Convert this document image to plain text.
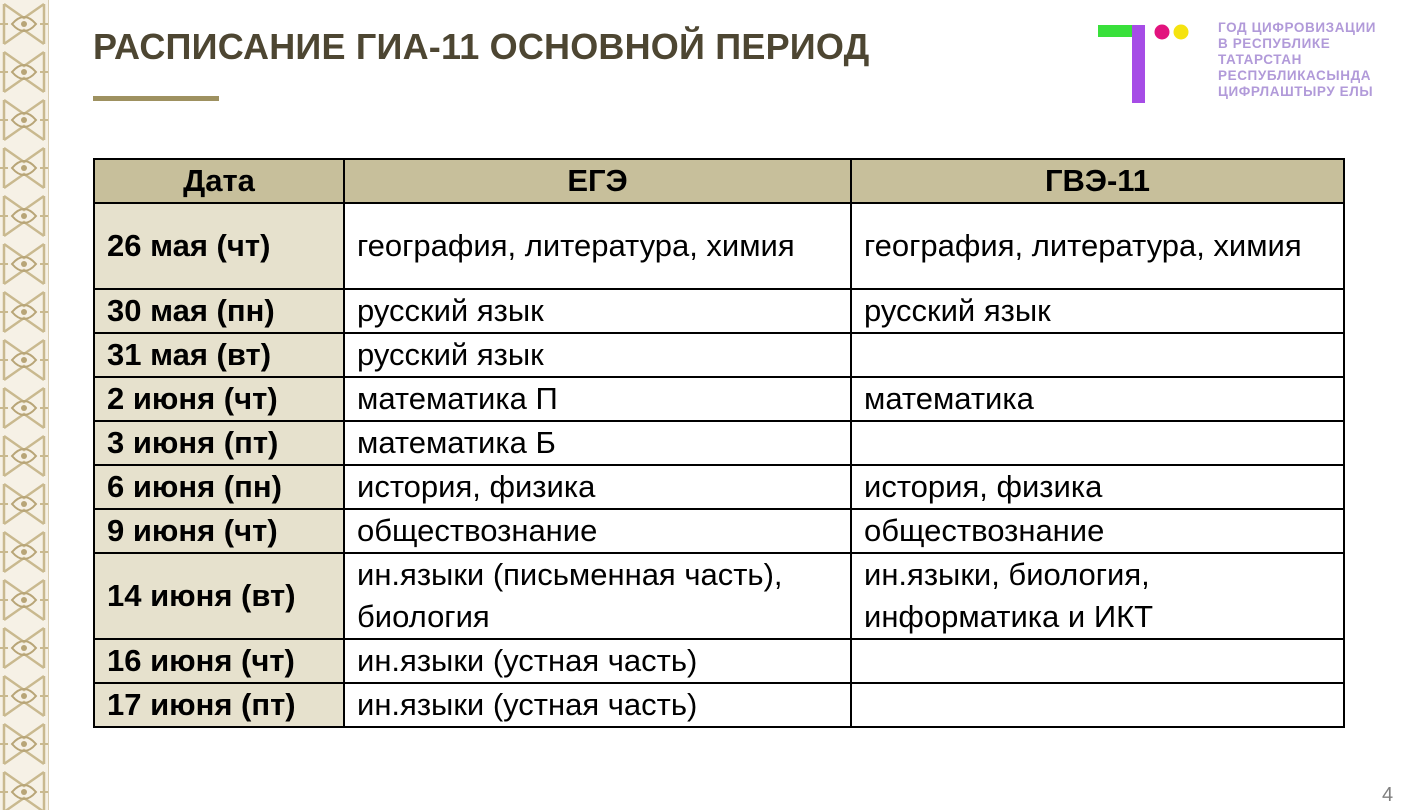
РАСПИСАНИЕ ГИА-11 ОСНОВНОЙ ПЕРИОД	ГОД ЦИФРОВИЗАЦИИ
В РЕСПУБЛИКЕ
ТАТАРСТАН
РЕСПУБЛИКАСЫНДА
ЦИФРЛАШТЫРУ ЕЛЫ
Дата	ЕГЭ	ГВЭ-11
26 мая (чт)	география, литература, химия	география, литература, химия
30 мая (пн)	русский язык	русский язык
31 мая (вт)	русский язык	
2 июня (чт)	математика П	математика
3 июня (пт)	математика Б	
6 июня (пн)	история, физика	история, физика
9 июня (чт)	обществознание	обществознание
14 июня (вт)	ин.языки (письменная часть), биология	ин.языки, биология, информатика и ИКТ
16 июня (чт)	ин.языки (устная часть)	
17 июня (пт)	ин.языки (устная часть)	
4
